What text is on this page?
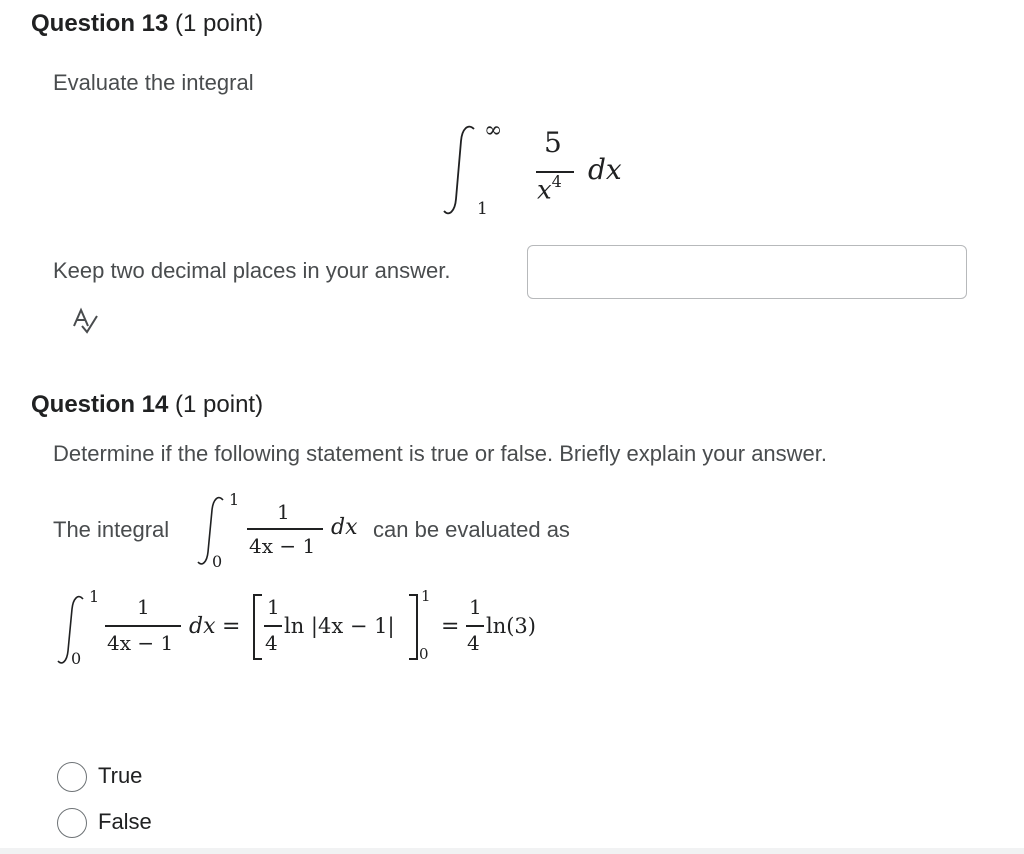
Question 13 (1 point)
Evaluate the integral
∞
1
5
$x^4$ dx
Keep two decimal places in your answer.
Question 14 (1 point)
Determine if the following statement is true or false. Briefly explain your answer.
The integral
1
0
1
4x − 1
dx can be evaluated as
1
0
1
4x − 1
dx =
1
4
ln |4x − 1|
1
0
=
1
4
ln(3)
True
False
